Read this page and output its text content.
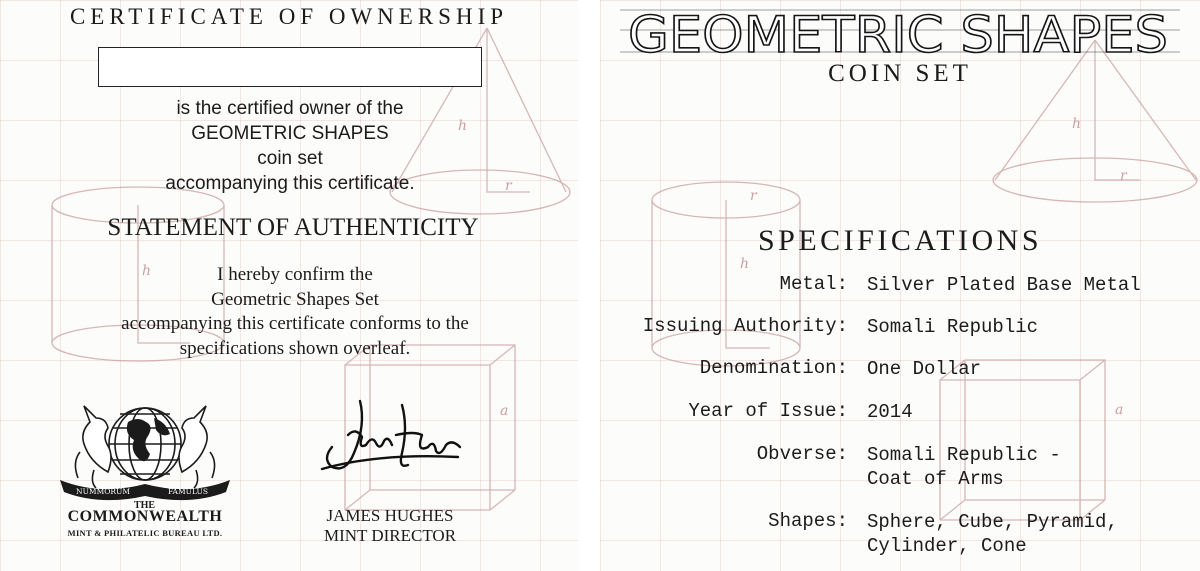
h
r
h
a
CERTIFICATE OF OWNERSHIP
is the certified owner of the
GEOMETRIC SHAPES
coin set
accompanying this certificate.
STATEMENT OF AUTHENTICITY
I hereby confirm the
Geometric Shapes Set
accompanying this certificate conforms to the
specifications shown overleaf.
NUMMORUM	FAMULUS
THE
COMMONWEALTH
MINT & PHILATELIC BUREAU LTD.
JAMES HUGHES
MINT DIRECTOR
h
r
r
h
a
GEOMETRIC SHAPES
COIN SET
SPECIFICATIONS
Metal: Silver Plated Base Metal
Issuing Authority: Somali Republic
Denomination: One Dollar
Year of Issue: 2014
Obverse: Somali Republic -
Coat of Arms
Shapes: Sphere, Cube, Pyramid,
Cylinder, Cone
